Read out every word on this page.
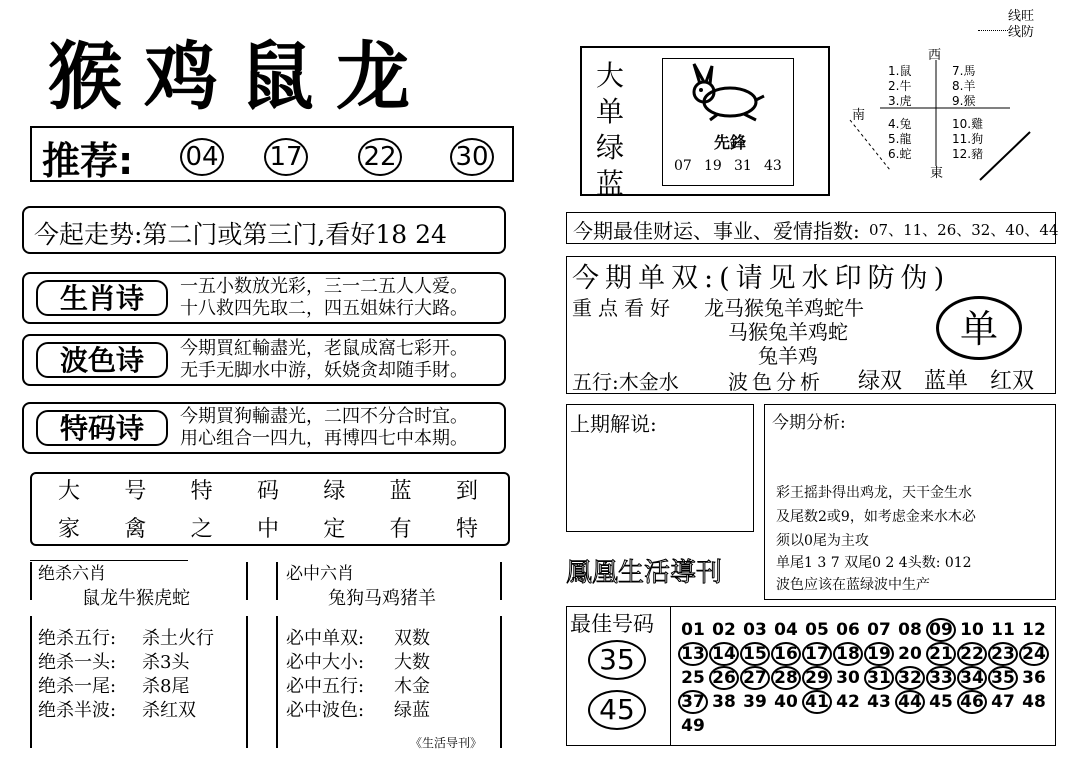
线旺
线防
猴鸡鼠龙
推荐: 04 17 22 30
今起走势:第二门或第三门,看好18 24
生肖诗	一五小数放光彩，三一二五人人爱。
十八救四先取二，四五姐妹行大路。
波色诗	今期買紅輸盡光，老鼠成窩七彩开。
无手无脚水中游，妖娆贪却随手財。
特码诗	今期買狗輸盡光，二四不分合时宜。
用心组合一四九，再博四七中本期。
大 号 特 码 绿 蓝 到
家 禽 之 中 定 有 特
绝杀六肖
鼠龙牛猴虎蛇
必中六肖
兔狗马鸡猪羊
绝杀五行: 杀土火行
绝杀一头: 杀3头
绝杀一尾: 杀8尾
绝杀半波: 杀红双
必中单双: 双数
必中大小: 大数
必中五行: 木金
必中波色: 绿蓝
《生活导刊》
大
单
绿
蓝
先鋒
07 19 31 43
西
南
東
1.鼠
2.牛
3.虎
4.兔
5.龍
6.蛇
7.馬
8.羊
9.猴
10.雞
11.狗
12.豬
今期最佳财运、事业、爱情指数: 07、11、26、32、40、44
今期单双:(请见水印防伪)
重点看好 龙马猴兔羊鸡蛇牛
马猴兔羊鸡蛇
兔羊鸡
单
五行:木金水 波色分析 绿双 蓝单 红双
上期解说:
鳳凰生活導刊
今期分析:
彩王摇卦得出鸡龙，天干金生水
及尾数2或9，如考虑金来水木必
须以0尾为主攻
单尾1 3 7 双尾0 2 4头数: 012
波色应该在蓝绿波中生产
最佳号码
35
45
01 02 03 04 05 06 07 08 09 10 11 12
13 14 15 16 17 18 19 20 21 22 23 24
25 26 27 28 29 30 31 32 33 34 35 36
37 38 39 40 41 42 43 44 45 46 47 48
49
